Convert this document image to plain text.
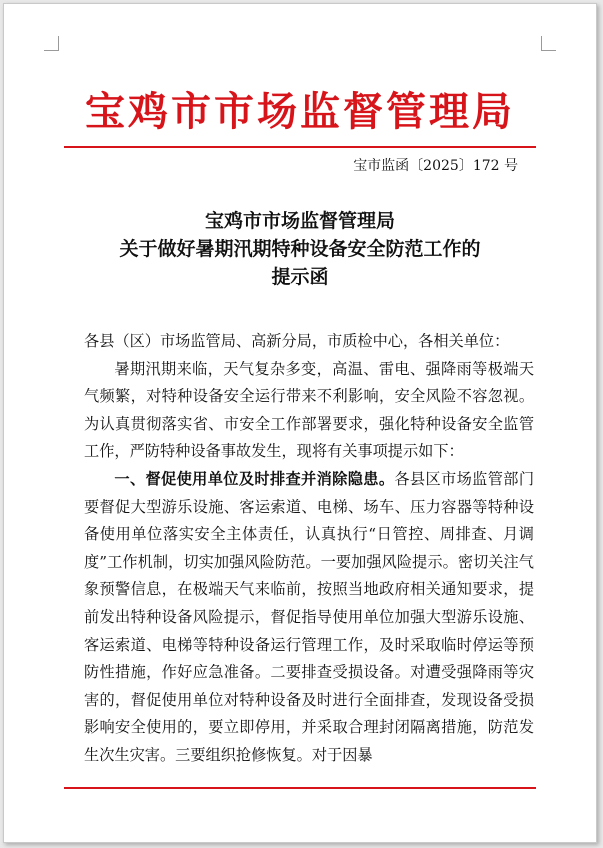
宝鸡市市场监督管理局
宝市监函〔2025〕172 号
宝鸡市市场监督管理局
关于做好暑期汛期特种设备安全防范工作的
提示函

各县（区）市场监管局、高新分局，市质检中心，各相关单位：

暑期汛期来临，天气复杂多变，高温、雷电、强降雨等极端天气频繁，对特种设备安全运行带来不利影响，安全风险不容忽视。为认真贯彻落实省、市安全工作部署要求，强化特种设备安全监管工作，严防特种设备事故发生，现将有关事项提示如下：

一、督促使用单位及时排查并消除隐患。各县区市场监管部门要督促大型游乐设施、客运索道、电梯、场车、压力容器等特种设备使用单位落实安全主体责任，认真执行“日管控、周排查、月调度”工作机制，切实加强风险防范。一要加强风险提示。密切关注气象预警信息，在极端天气来临前，按照当地政府相关通知要求，提前发出特种设备风险提示，督促指导使用单位加强大型游乐设施、客运索道、电梯等特种设备运行管理工作，及时采取临时停运等预防性措施，作好应急准备。二要排查受损设备。对遭受强降雨等灾害的，督促使用单位对特种设备及时进行全面排查，发现设备受损影响安全使用的，要立即停用，并采取合理封闭隔离措施，防范发生次生灾害。三要组织抢修恢复。对于因暴
